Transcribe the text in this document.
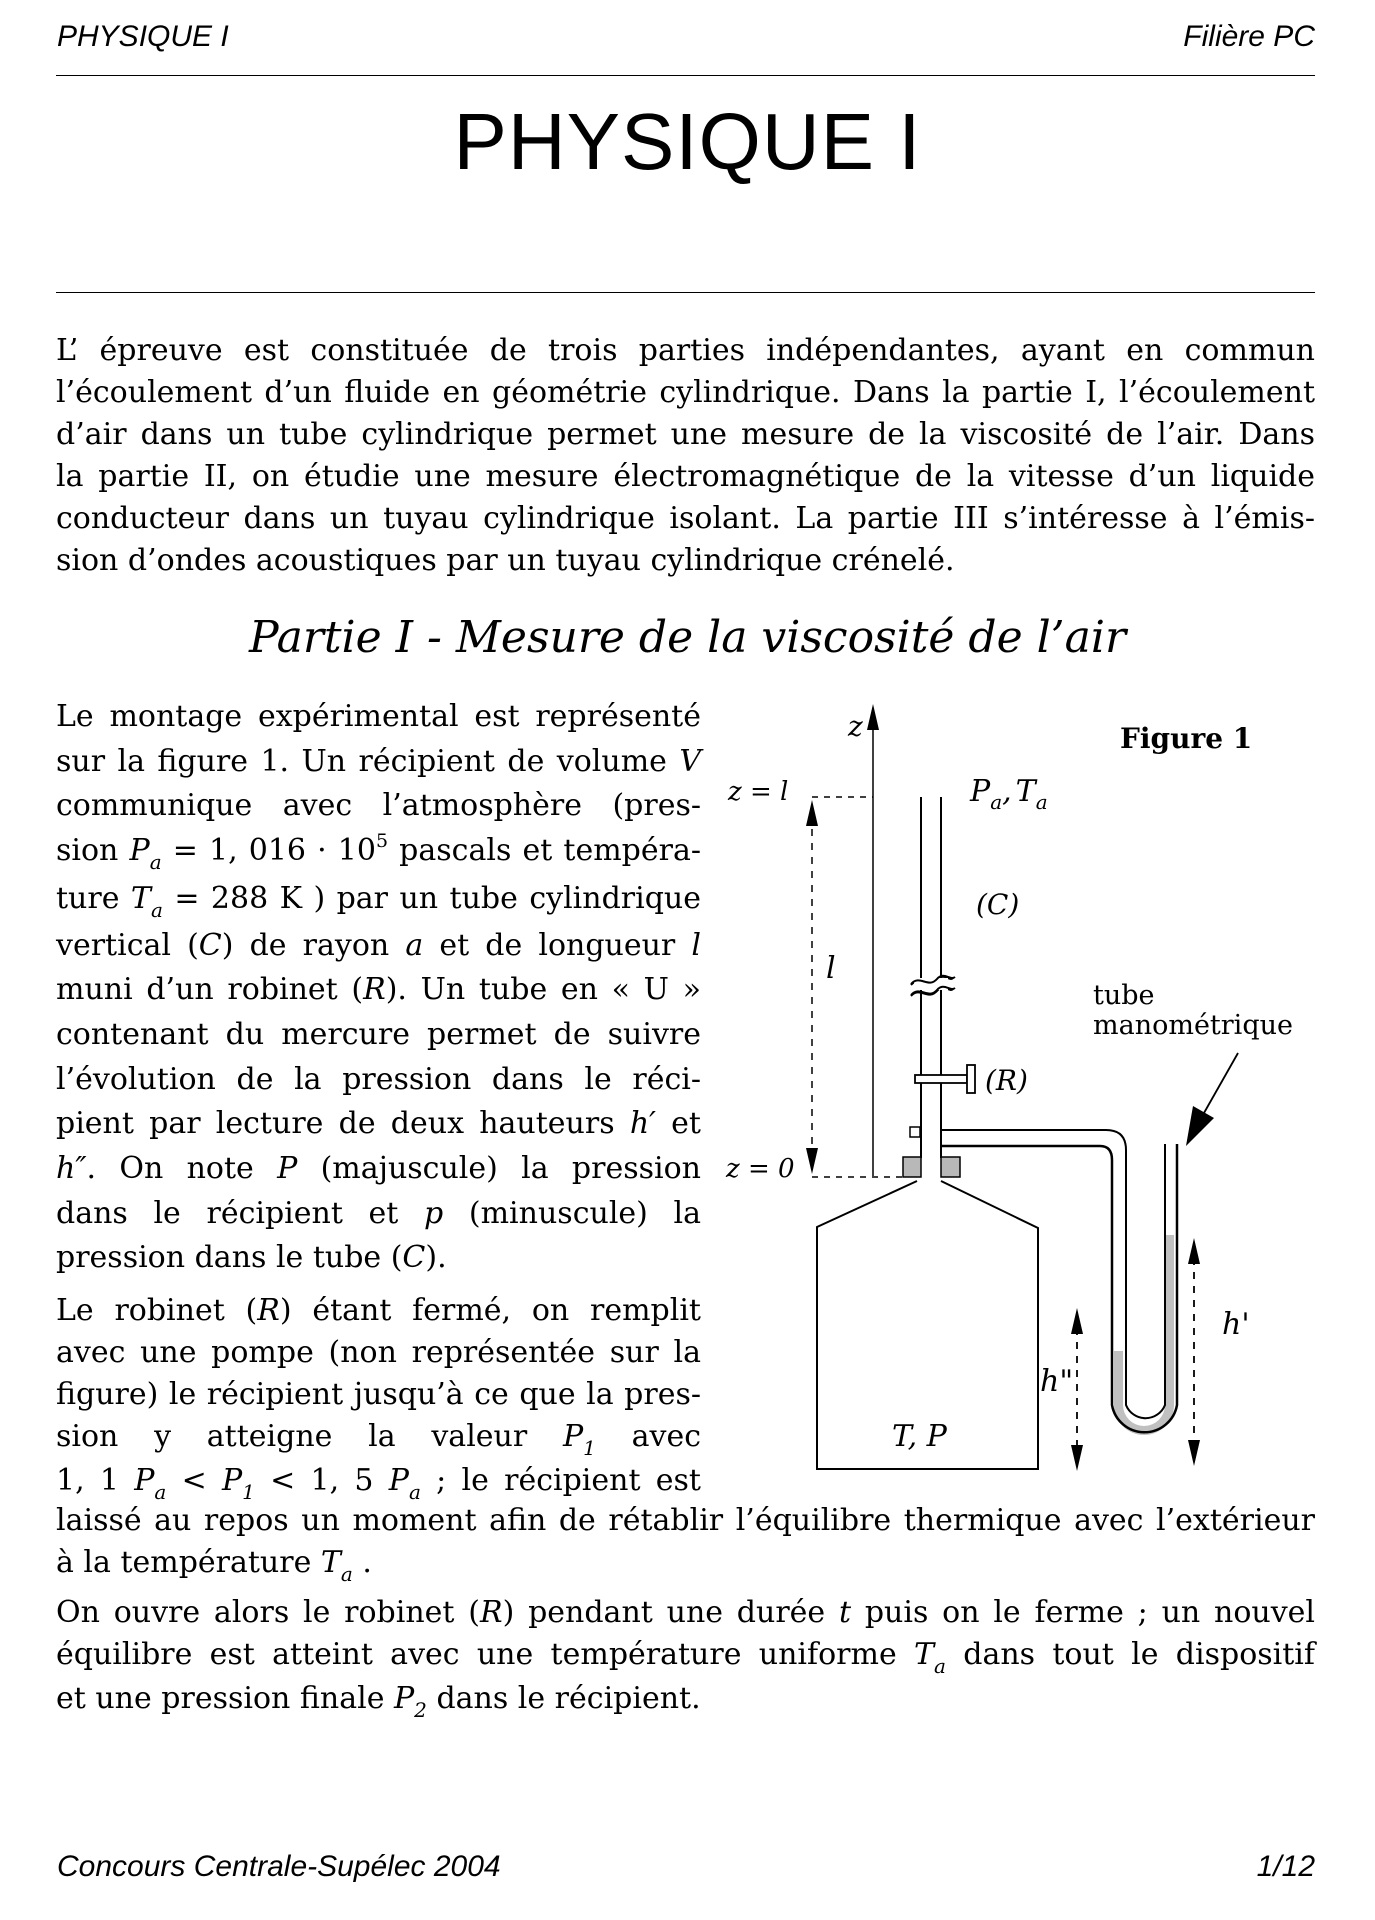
PHYSIQUE I	Filière PC
PHYSIQUE I
L’ épreuve est constituée de trois parties indépendantes, ayant en commun
l’écoulement d’un fluide en géométrie cylindrique. Dans la partie I, l’écoulement
d’air dans un tube cylindrique permet une mesure de la viscosité de l’air. Dans
la partie II, on étudie une mesure électromagnétique de la vitesse d’un liquide
conducteur dans un tuyau cylindrique isolant. La partie III s’intéresse à l’émis-
sion d’ondes acoustiques par un tuyau cylindrique crénelé.
Partie I - Mesure de la viscosité de l’air
Le montage expérimental est représenté
sur la figure 1. Un récipient de volume V
communique avec l’atmosphère (pres-
sion $P_a = 1$, $016 \cdot 10^5$ pascals et tempéra-
ture $T_a = 288$ K ) par un tube cylindrique
vertical (C) de rayon a et de longueur l
muni d’un robinet (R). Un tube en « U »
contenant du mercure permet de suivre
l’évolution de la pression dans le réci-
pient par lecture de deux hauteurs h′ et
h″. On note P (majuscule) la pression
dans le récipient et p (minuscule) la
pression dans le tube (C).
Le robinet (R) étant fermé, on remplit
avec une pompe (non représentée sur la
figure) le récipient jusqu’à ce que la pres-
sion y atteigne la valeur $P_1$ avec
1, 1 $P_a < P_1 < 1$, 5 $P_a$ ; le récipient est
laissé au repos un moment afin de rétablir l’équilibre thermique avec l’extérieur
à la température $T_a$ .
On ouvre alors le robinet (R) pendant une durée t puis on le ferme ; un nouvel
équilibre est atteint avec une température uniforme $T_a$ dans tout le dispositif
et une pression finale $P_2$ dans le récipient.
Figure 1
z
z = l
z = 0
l
$P_a$, $T_a$
(C)
(R)
T, P
tube
manométrique
h'
h"
Concours Centrale-Supélec 2004	1/12
